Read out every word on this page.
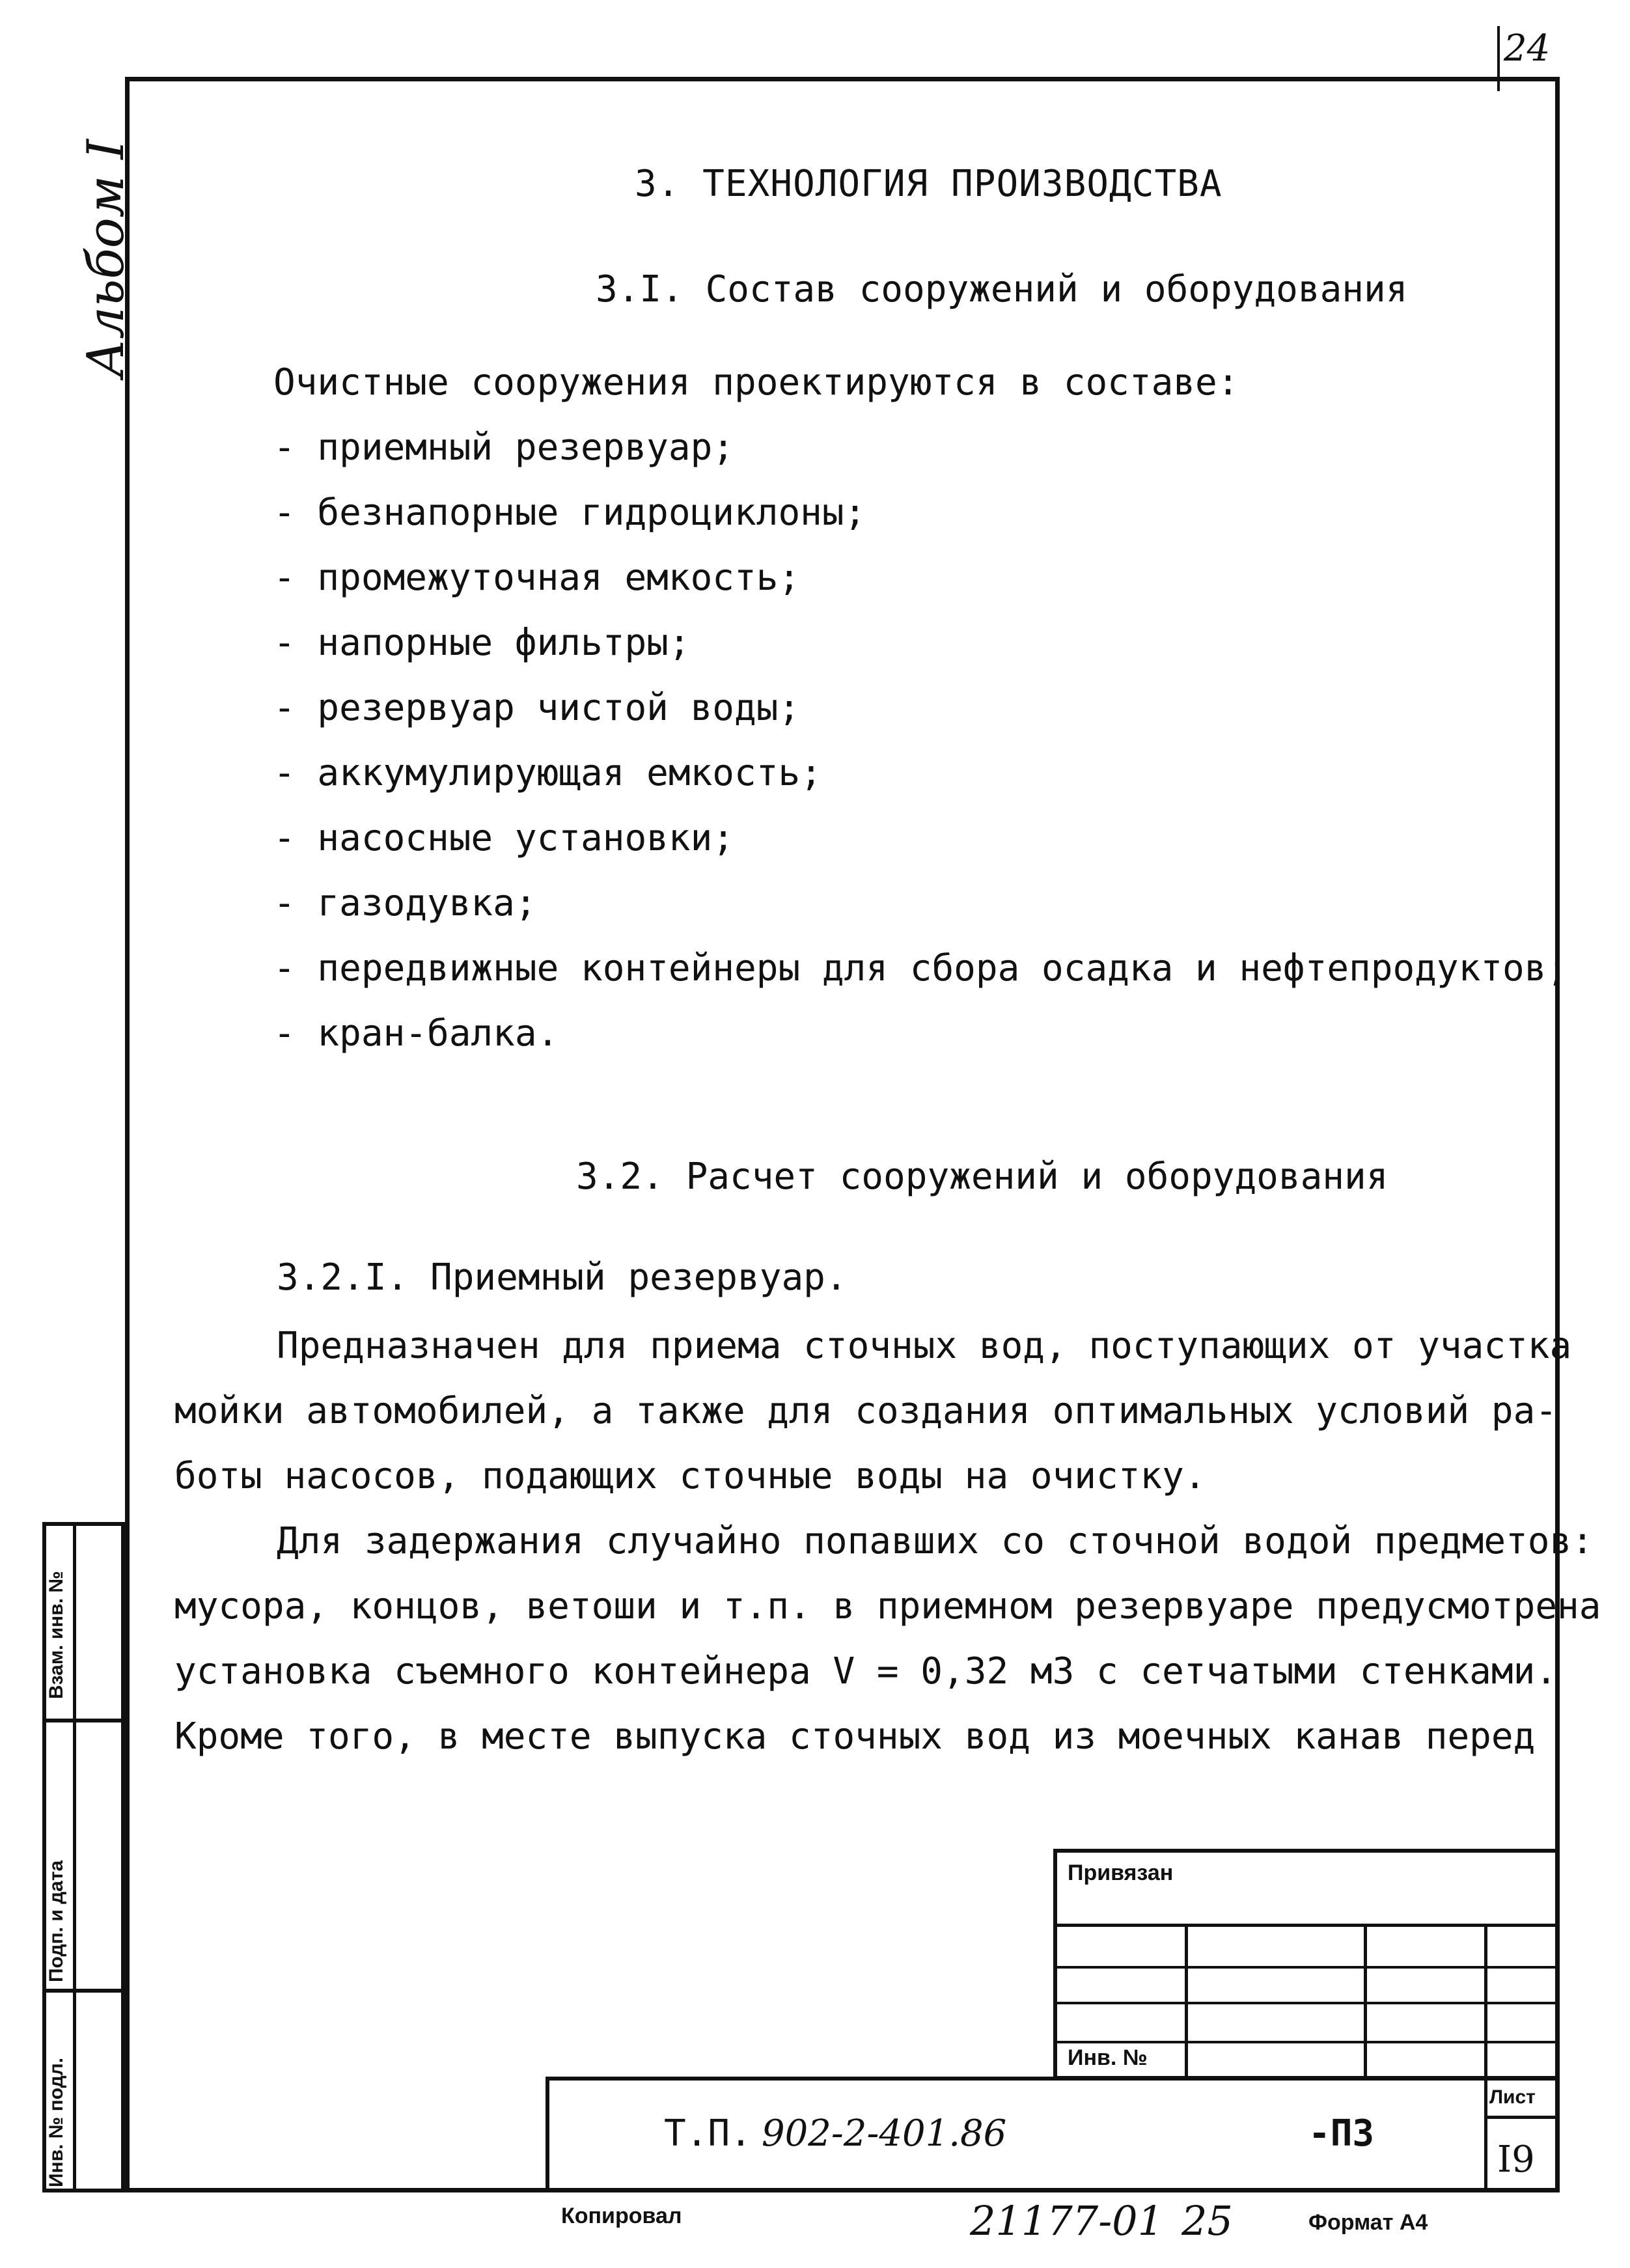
24
Альбом I	3. ТЕХНОЛОГИЯ ПРОИЗВОДСТВА
3.I. Состав сооружений и оборудования
Очистные сооружения проектируются в составе:
- приемный резервуар;
- безнапорные гидроциклоны;
- промежуточная емкость;
- напорные фильтры;
- резервуар чистой воды;
- аккумулирующая емкость;
- насосные установки;
- газодувка;
- передвижные контейнеры для сбора осадка и нефтепродуктов;
- кран-балка.
3.2. Расчет сооружений и оборудования
3.2.I. Приемный резервуар.
Предназначен для приема сточных вод, поступающих от участка
мойки автомобилей, а также для создания оптимальных условий ра-
боты насосов, подающих сточные воды на очистку.
Для задержания случайно попавших со сточной водой предметов:
мусора, концов, ветоши и т.п. в приемном резервуаре предусмотрена
установка съемного контейнера V = 0,32 м3 с сетчатыми стенками.
Кроме того, в месте выпуска сточных вод из моечных канав перед
Взам. инв. №
Подп. и дата
Инв. № подл.
Привязан
Инв. №
Т.П. 902-2-401.86	-ПЗ
Лист
I9
Копировал	21177-01 25	Формат А4
